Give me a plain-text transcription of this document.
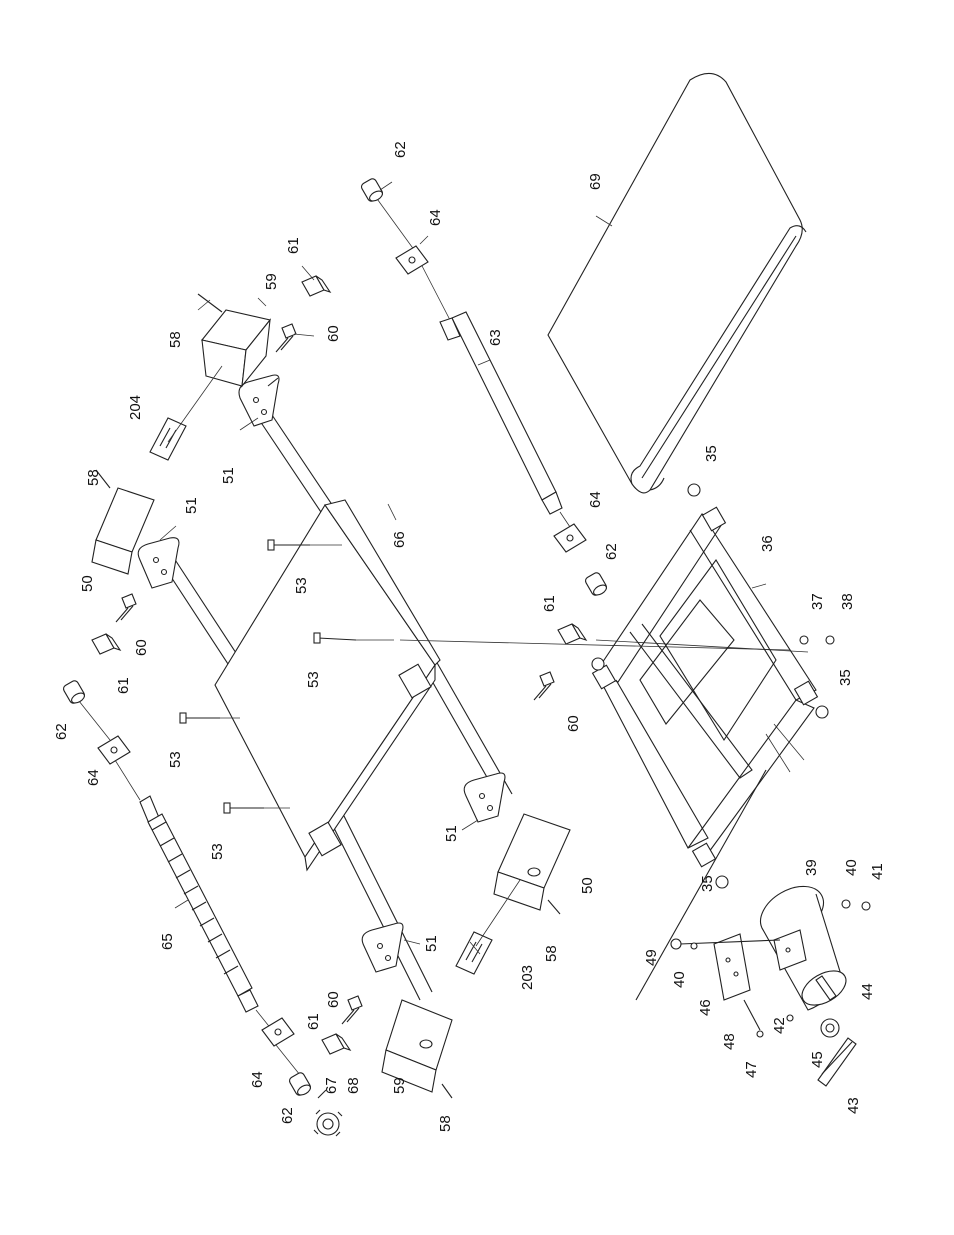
62
64
61
59
58	60
204
51
58
51
50
60
61
62
64
53
66
53
53
53
63
64
62
61
60
51
50
58
203
69
35
36
37 38
35
35
39 40 41
49
40
46
48
47
42
45
44
43
65
64
62
67 68
61
60
51
59
58
